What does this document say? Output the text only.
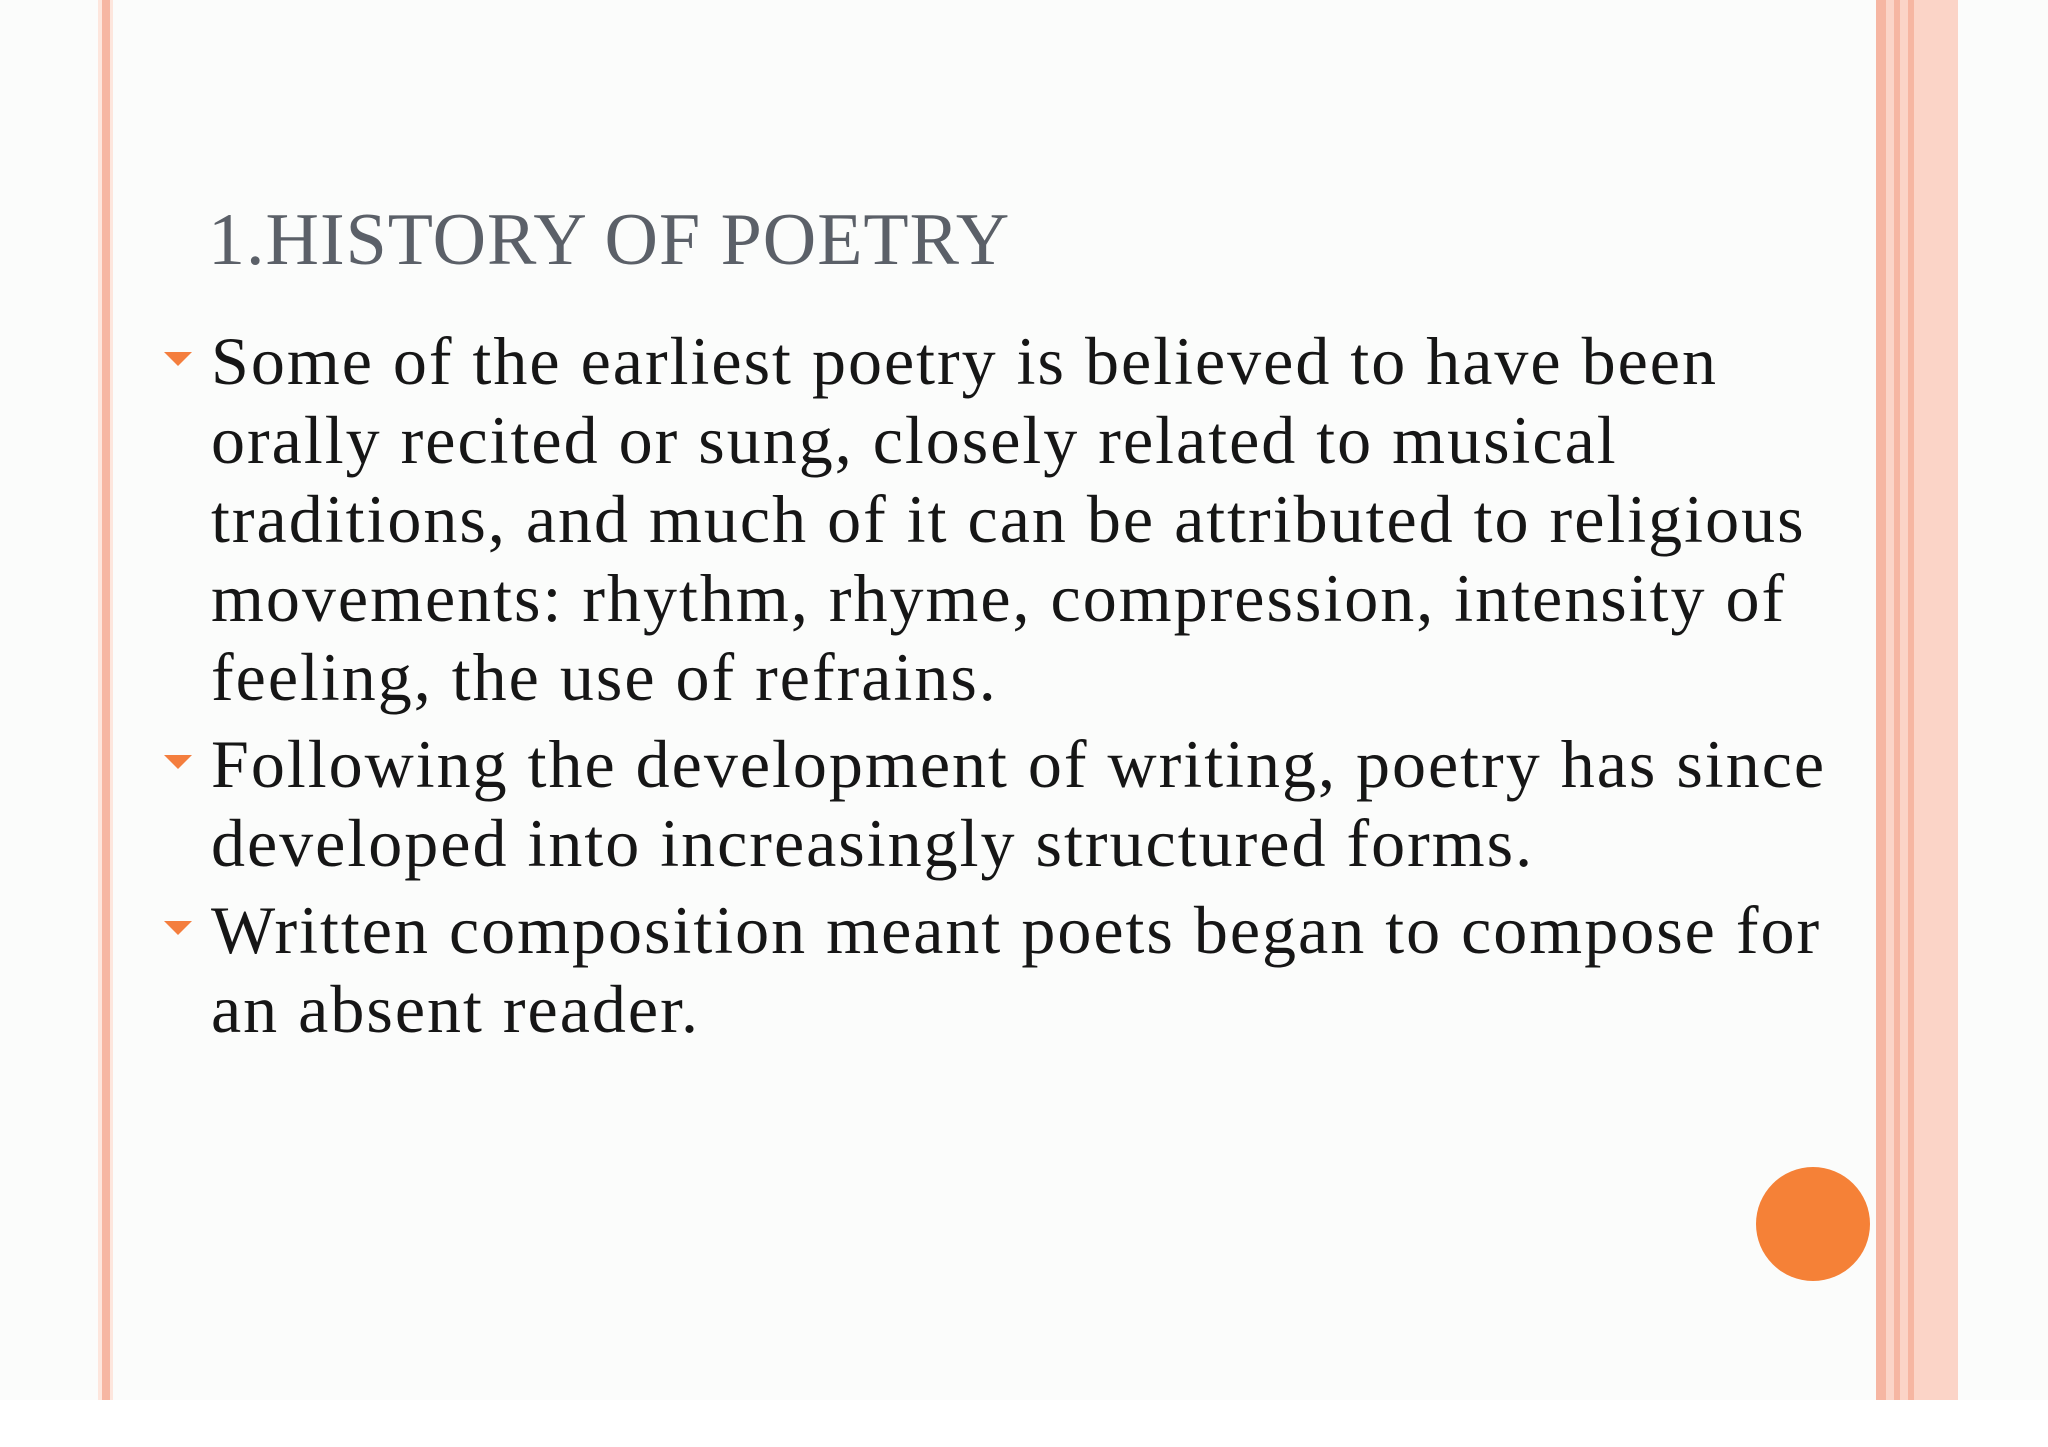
1.HISTORY OF POETRY
Some of the earliest poetry is believed to have been orally recited or sung, closely related to musical traditions, and much of it can be attributed to religious movements: rhythm, rhyme, compression, intensity of feeling, the use of refrains.
Following the development of writing, poetry has since developed into increasingly structured forms.
Written composition meant poets began to compose for an absent reader.
